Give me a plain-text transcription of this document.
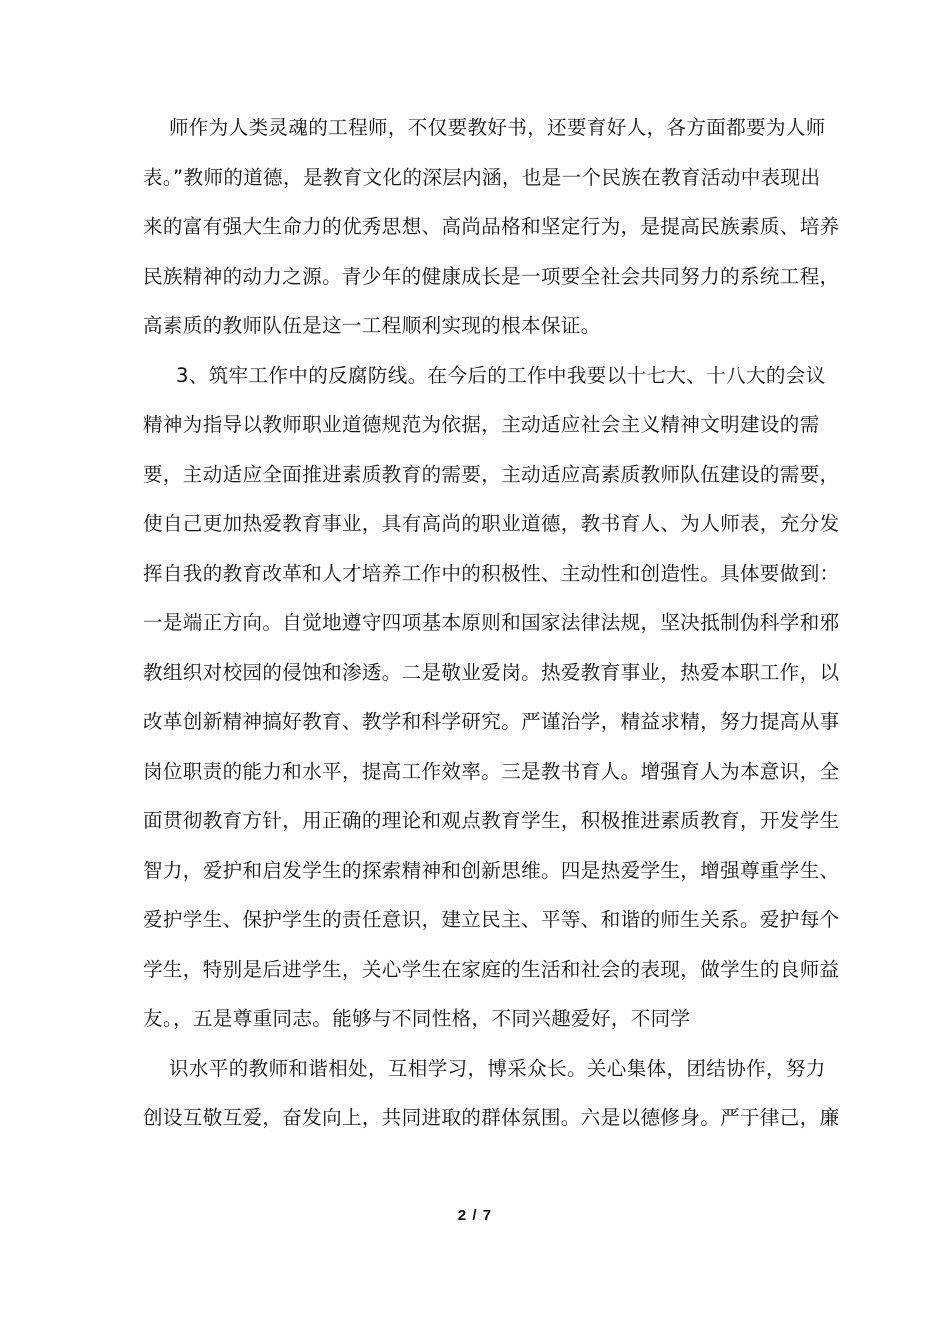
师作为人类灵魂的工程师，不仅要教好书，还要育好人，各方面都要为人师
表。”教师的道德，是教育文化的深层内涵，也是一个民族在教育活动中表现出
来的富有强大生命力的优秀思想、高尚品格和坚定行为，是提高民族素质、培养
民族精神的动力之源。青少年的健康成长是一项要全社会共同努力的系统工程，
高素质的教师队伍是这一工程顺利实现的根本保证。
3、筑牢工作中的反腐防线。在今后的工作中我要以十七大、十八大的会议
精神为指导以教师职业道德规范为依据，主动适应社会主义精神文明建设的需
要，主动适应全面推进素质教育的需要，主动适应高素质教师队伍建设的需要，
使自己更加热爱教育事业，具有高尚的职业道德，教书育人、为人师表，充分发
挥自我的教育改革和人才培养工作中的积极性、主动性和创造性。具体要做到：
一是端正方向。自觉地遵守四项基本原则和国家法律法规，坚决抵制伪科学和邪
教组织对校园的侵蚀和渗透。二是敬业爱岗。热爱教育事业，热爱本职工作，以
改革创新精神搞好教育、教学和科学研究。严谨治学，精益求精，努力提高从事
岗位职责的能力和水平，提高工作效率。三是教书育人。增强育人为本意识，全
面贯彻教育方针，用正确的理论和观点教育学生，积极推进素质教育，开发学生
智力，爱护和启发学生的探索精神和创新思维。四是热爱学生，增强尊重学生、
爱护学生、保护学生的责任意识，建立民主、平等、和谐的师生关系。爱护每个
学生，特别是后进学生，关心学生在家庭的生活和社会的表现，做学生的良师益
友。，五是尊重同志。能够与不同性格，不同兴趣爱好，不同学
识水平的教师和谐相处，互相学习，博采众长。关心集体，团结协作，努力
创设互敬互爱，奋发向上，共同进取的群体氛围。六是以德修身。严于律己，廉
2 / 7
